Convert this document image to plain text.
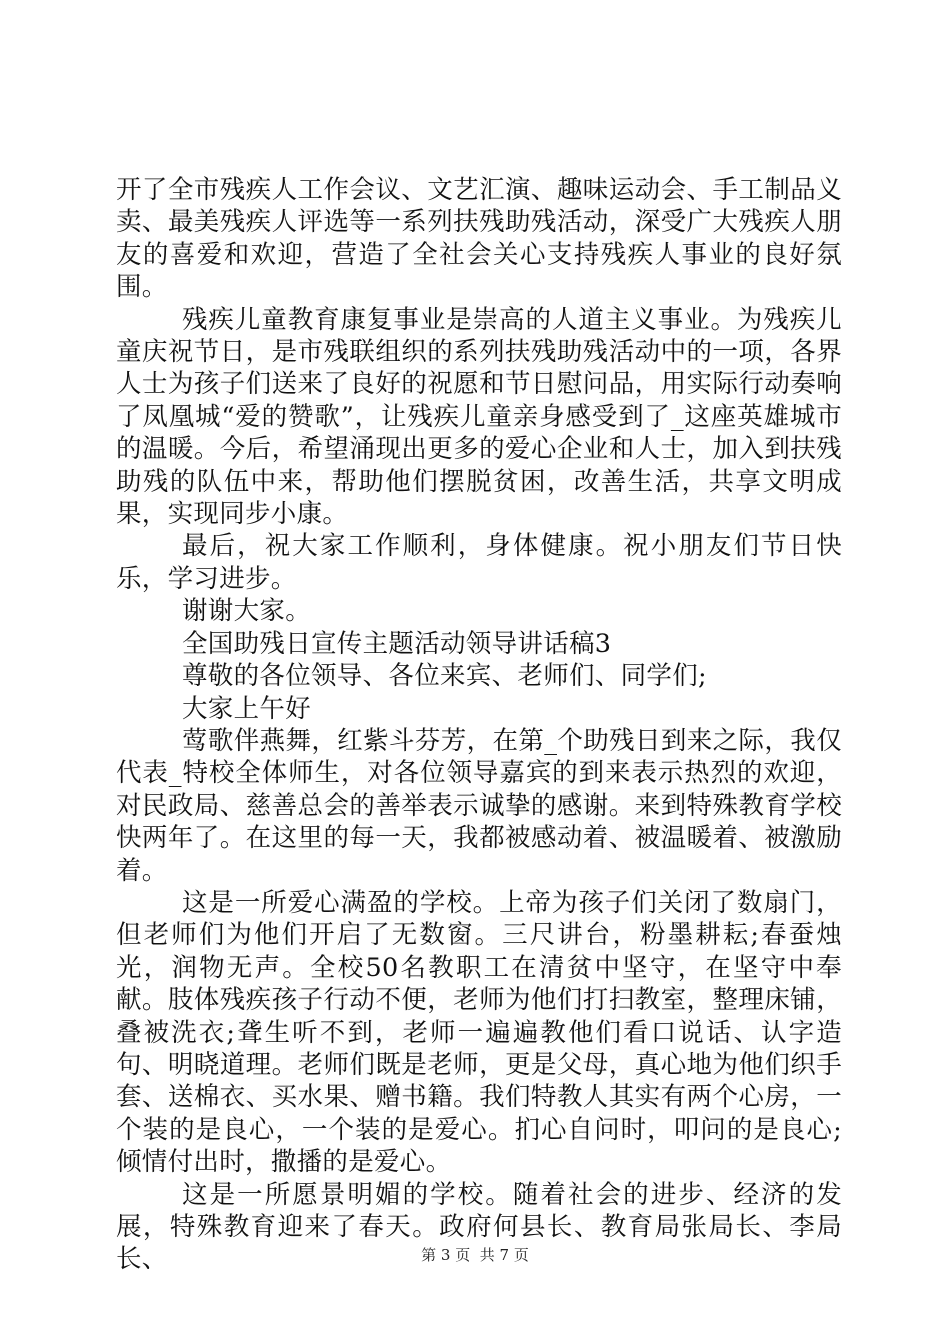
开了全市残疾人工作会议、文艺汇演、趣味运动会、手工制品义卖、最美残疾人评选等一系列扶残助残活动，深受广大残疾人朋友的喜爱和欢迎，营造了全社会关心支持残疾人事业的良好氛围。

残疾儿童教育康复事业是崇高的人道主义事业。为残疾儿童庆祝节日，是市残联组织的系列扶残助残活动中的一项，各界人士为孩子们送来了良好的祝愿和节日慰问品，用实际行动奏响了凤凰城“爱的赞歌”，让残疾儿童亲身感受到了_这座英雄城市的温暖。今后，希望涌现出更多的爱心企业和人士，加入到扶残助残的队伍中来，帮助他们摆脱贫困，改善生活，共享文明成果，实现同步小康。

最后，祝大家工作顺利，身体健康。祝小朋友们节日快乐，学习进步。

谢谢大家。

全国助残日宣传主题活动领导讲话稿3

尊敬的各位领导、各位来宾、老师们、同学们;

大家上午好

莺歌伴燕舞，红紫斗芬芳，在第_个助残日到来之际，我仅代表_特校全体师生，对各位领导嘉宾的到来表示热烈的欢迎，对民政局、慈善总会的善举表示诚挚的感谢。来到特殊教育学校快两年了。在这里的每一天，我都被感动着、被温暖着、被激励着。

这是一所爱心满盈的学校。上帝为孩子们关闭了数扇门，但老师们为他们开启了无数窗。三尺讲台，粉墨耕耘;春蚕烛光，润物无声。全校50名教职工在清贫中坚守，在坚守中奉献。肢体残疾孩子行动不便，老师为他们打扫教室，整理床铺，叠被洗衣;聋生听不到，老师一遍遍教他们看口说话、认字造句、明晓道理。老师们既是老师，更是父母，真心地为他们织手套、送棉衣、买水果、赠书籍。我们特教人其实有两个心房，一个装的是良心，一个装的是爱心。扪心自问时，叩问的是良心;倾情付出时，撒播的是爱心。

这是一所愿景明媚的学校。随着社会的进步、经济的发展，特殊教育迎来了春天。政府何县长、教育局张局长、李局长、	第 3 页  共 7 页
